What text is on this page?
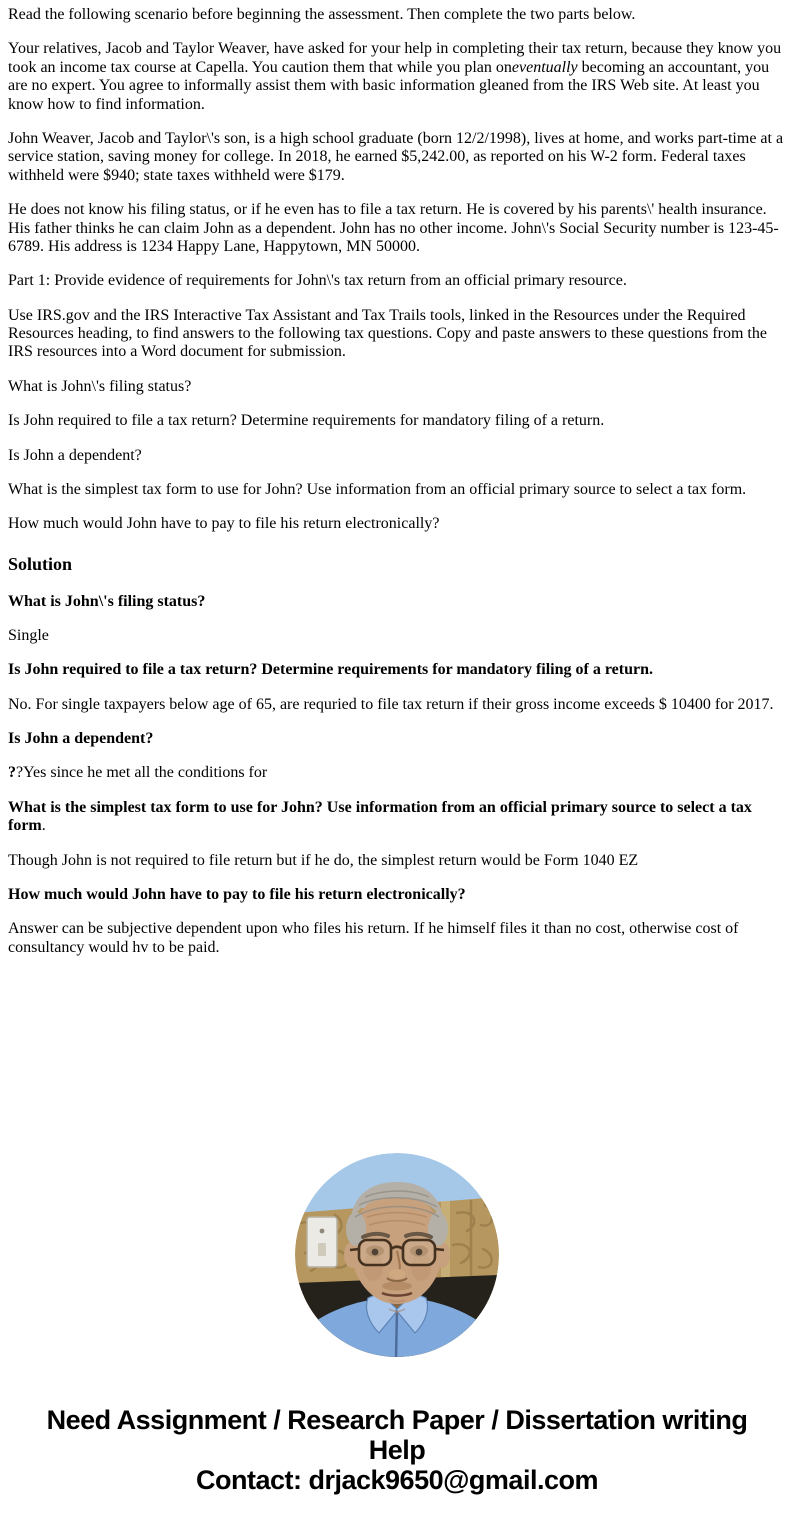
Read the following scenario before beginning the assessment. Then complete the two parts below.

Your relatives, Jacob and Taylor Weaver, have asked for your help in completing their tax return, because they know you took an income tax course at Capella. You caution them that while you plan oneventually becoming an accountant, you are no expert. You agree to informally assist them with basic information gleaned from the IRS Web site. At least you know how to find information.

John Weaver, Jacob and Taylor\'s son, is a high school graduate (born 12/2/1998), lives at home, and works part-time at a service station, saving money for college. In 2018, he earned $5,242.00, as reported on his W-2 form. Federal taxes withheld were $940; state taxes withheld were $179.

He does not know his filing status, or if he even has to file a tax return. He is covered by his parents\' health insurance. His father thinks he can claim John as a dependent. John has no other income. John\'s Social Security number is 123-45-6789. His address is 1234 Happy Lane, Happytown, MN 50000.

Part 1: Provide evidence of requirements for John\'s tax return from an official primary resource.

Use IRS.gov and the IRS Interactive Tax Assistant and Tax Trails tools, linked in the Resources under the Required Resources heading, to find answers to the following tax questions. Copy and paste answers to these questions from the IRS resources into a Word document for submission.

What is John\'s filing status?

Is John required to file a tax return? Determine requirements for mandatory filing of a return.

Is John a dependent?

What is the simplest tax form to use for John? Use information from an official primary source to select a tax form.

How much would John have to pay to file his return electronically?

Solution

What is John\'s filing status?

Single

Is John required to file a tax return? Determine requirements for mandatory filing of a return.

No. For single taxpayers below age of 65, are requried to file tax return if their gross income exceeds $ 10400 for 2017.

Is John a dependent?

??Yes since he met all the conditions for

What is the simplest tax form to use for John? Use information from an official primary source to select a tax form.

Though John is not required to file return but if he do, the simplest return would be Form 1040 EZ

How much would John have to pay to file his return electronically?

Answer can be subjective dependent upon who files his return. If he himself files it than no cost, otherwise cost of consultancy would hv to be paid.

Need Assignment / Research Paper / Dissertation writing Help
Contact: drjack9650@gmail.com
